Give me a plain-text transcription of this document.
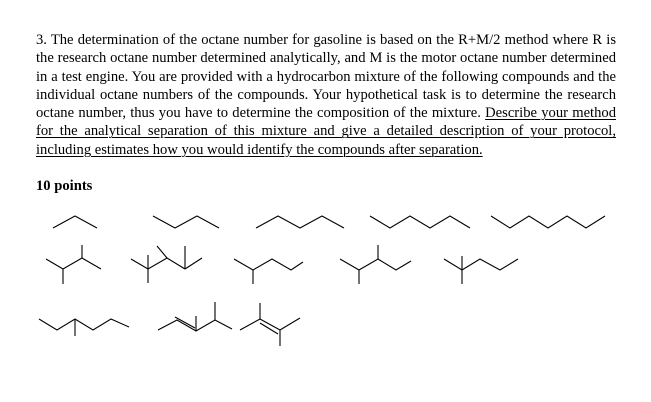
3. The determination of the octane number for gasoline is based on the R+M/2 method where R is the research octane number determined analytically, and M is the motor octane number determined in a test engine. You are provided with a hydrocarbon mixture of the following compounds and the individual octane numbers of the compounds. Your hypothetical task is to determine the research octane number, thus you have to determine the composition of the mixture. Describe your method for the analytical separation of this mixture and give a detailed description of your protocol, including estimates how you would identify the compounds after separation.

10 points
